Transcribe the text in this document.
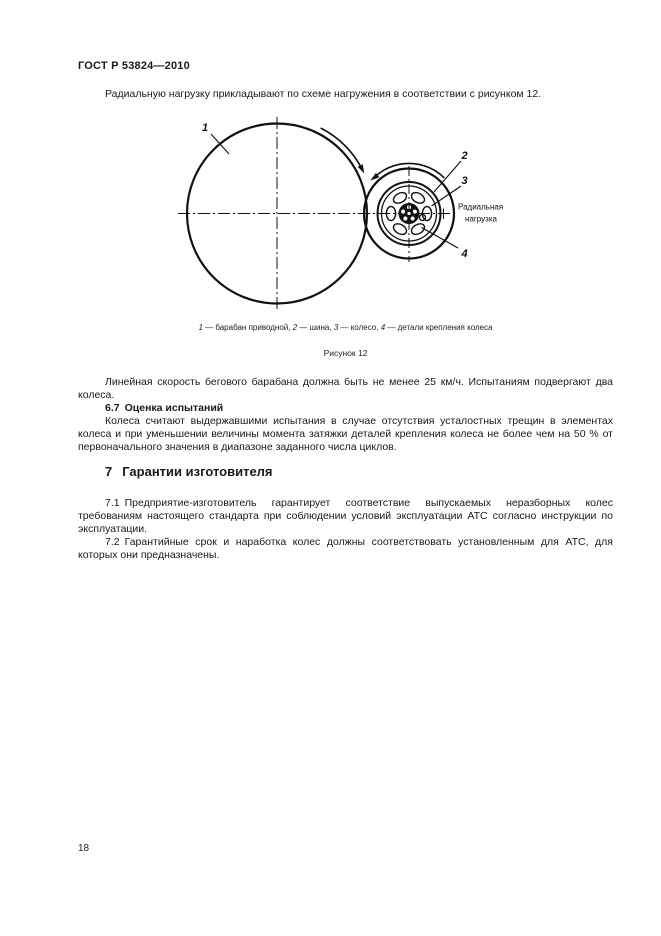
ГОСТ Р 53824—2010
Радиальную нагрузку прикладывают по схеме нагружения в соответствии с рисунком 12.
1
2
3
4
Радиальная
нагрузка
1 — барабан приводной, 2 — шина, 3 — колесо, 4 — детали крепления колеса
Рисунок 12

Линейная скорость бегового барабана должна быть не менее 25 км/ч. Испытаниям подвергают два колеса.

6.7 Оценка испытаний

Колеса считают выдержавшими испытания в случае отсутствия усталостных трещин в элементах колеса и при уменьшении величины момента затяжки деталей крепления колеса не более чем на 50 % от первоначального значения в диапазоне заданного числа циклов.

7 Гарантии изготовителя

7.1 Предприятие-изготовитель гарантирует соответствие выпускаемых неразборных колес требованиям настоящего стандарта при соблюдении условий эксплуатации АТС согласно инструкции по эксплуатации.

7.2 Гарантийные срок и наработка колес должны соответствовать установленным для АТС, для которых они предназначены.

18
